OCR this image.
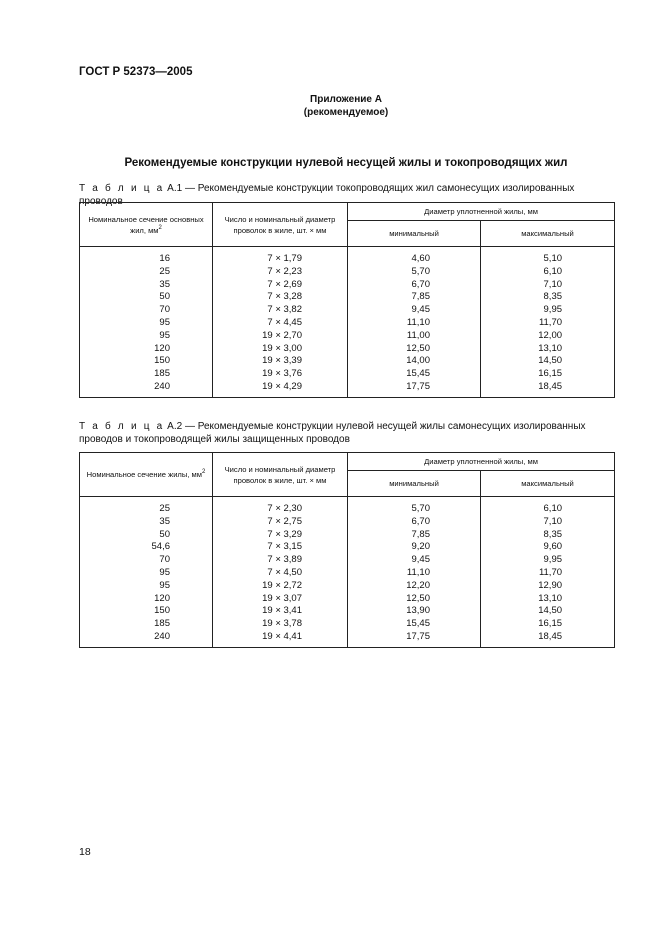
ГОСТ Р 52373—2005
Приложение А
(рекомендуемое)
Рекомендуемые конструкции нулевой несущей жилы и токопроводящих жил
Т а б л и ц а А.1 — Рекомендуемые конструкции токопроводящих жил самонесущих изолированных проводов
Номинальное сечение основных жил, $мм^2$	Число и номинальный диаметр проволок в жиле, шт. × мм	Диаметр уплотненной жилы, мм	
		минимальный	максимальный
16	7 × 1,79	4,60	5,10
25	7 × 2,23	5,70	6,10
35	7 × 2,69	6,70	7,10
50	7 × 3,28	7,85	8,35
70	7 × 3,82	9,45	9,95
95	7 × 4,45	11,10	11,70
95	19 × 2,70	11,00	12,00
120	19 × 3,00	12,50	13,10
150	19 × 3,39	14,00	14,50
185	19 × 3,76	15,45	16,15
240	19 × 4,29	17,75	18,45
Т а б л и ц а А.2 — Рекомендуемые конструкции нулевой несущей жилы самонесущих изолированных проводов и токопроводящей жилы защищенных проводов
Номинальное сечение жилы, $мм^2$	Число и номинальный диаметр проволок в жиле, шт. × мм	Диаметр уплотненной жилы, мм	
		минимальный	максимальный
25	7 × 2,30	5,70	6,10
35	7 × 2,75	6,70	7,10
50	7 × 3,29	7,85	8,35
54,6	7 × 3,15	9,20	9,60
70	7 × 3,89	9,45	9,95
95	7 × 4,50	11,10	11,70
95	19 × 2,72	12,20	12,90
120	19 × 3,07	12,50	13,10
150	19 × 3,41	13,90	14,50
185	19 × 3,78	15,45	16,15
240	19 × 4,41	17,75	18,45
18
